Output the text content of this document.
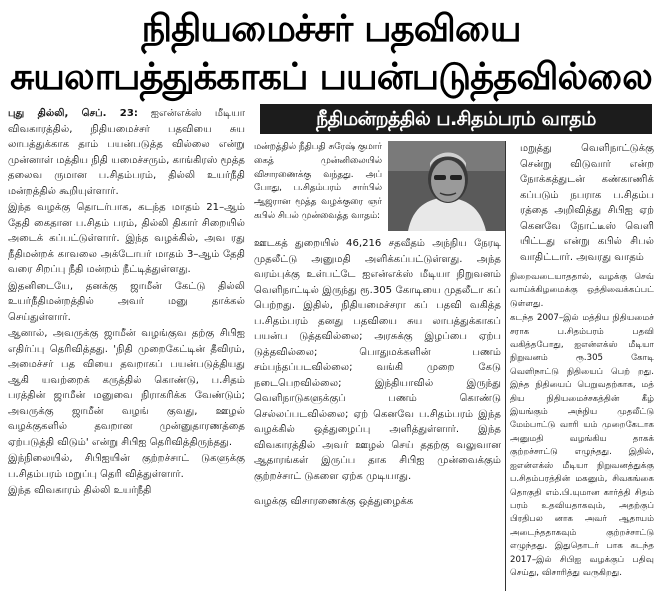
நிதியமைச்சர் பதவியை
சுயலாபத்துக்காகப் பயன்படுத்தவில்லை
நீதிமன்றத்தில் ப.சிதம்பரம் வாதம்

புது தில்லி, செப். 23: ஐஎன்எக்ஸ் மீடியா விவகாரத்தில், நிதியமைச்சர் பதவியை சுய லாபத்துக்காக தாம் பயன்படுத்த வில்லை என்று முன்னாள் மத்திய நிதி யமைச்சரும், காங்கிரஸ் மூத்த தலைவ ருமான ப.சிதம்பரம், தில்லி உயர்நீதி மன்றத்தில் கூறியுள்ளார்.

இந்த வழக்கு தொடர்பாக, கடந்த மாதம் 21–ஆம் தேதி கைதான ப.சிதம் பரம், தில்லி திகார் சிறையில் அடைக் கப்பட்டுள்ளார். இந்த வழக்கில், அவ ரது நீதிமன்றக் காவலை அக்டோபர் மாதம் 3–ஆம் தேதி வரை சிறப்பு நீதி மன்றம் நீட்டித்துள்ளது.

இதனிடையே, தனக்கு ஜாமீன் கேட்டு தில்லி உயர்நீதிமன்றத்தில் அவர் மனு தாக்கல் செய்துள்ளார்.

ஆனால், அவருக்கு ஜாமீன் வழங்குவ தற்கு சிபிஐ எதிர்ப்பு தெரிவித்தது. 'நிதி முறைகேட்டின் தீவிரம், அமைச்சர் பத வியை தவறாகப் பயன்படுத்தியது ஆகி யவற்றைக் கருத்தில் கொண்டு, ப.சிதம் பரத்தின் ஜாமீன் மனுவை நிராகரிக்க வேண்டும்; அவருக்கு ஜாமீன் வழங் குவது, ஊழல் வழக்குகளில் தவறான முன்னுதாரணத்தை ஏற்படுத்தி விடும்' என்று சிபிஐ தெரிவித்திருந்தது.

இந்நிலையில், சிபிஐயின் குற்றச்சாட் டுகளுக்கு ப.சிதம்பரம் மறுப்பு தெரி வித்துள்ளார்.

இந்த விவகாரம் தில்லி உயர்நீதி

மன்றத்தில் நீதிபதி சுரேஷ் குமார் கைத் முன்னிலையில் விசாரணைக்கு வந்தது. அப் போது, ப.சிதம்பரம் சார்பில் ஆஜரான மூத்த வழக்குரை ஞர் கபில் சிபல் முன்வைத்த வாதம்:

ஊடகத் துறையில் 46,216 சதவீதம் அந்நிய நேரடி முதலீட்டு அனுமதி அளிக்கப்பட்டுள்ளது. அந்த வரம்புக்கு உள்பட்டே ஐஎன்எக்ஸ் மீடியா நிறுவனம் வெளிநாட்டில் இருந்து ரூ.305 கோடியை முதலீடா கப் பெற்றது. இதில், நிதியமைச்சரா கப் பதவி வகித்த ப.சிதம்பரம் தனது பதவியை சுய லாபத்துக்காகப் பயன்ப டுத்தவில்லை; அரசுக்கு இழப்பை ஏற்ப டுத்தவில்லை; பொதுமக்களின் பணம் சம்பந்தப்படவில்லை; வங்கி முறை கேடு நடைபெறவில்லை; இந்தியாவில் இருந்து வெளிநாடுகளுக்குப் பணம் கொண்டு செல்லப்படவில்லை; ஏற் கெனவே ப.சிதம்பரம் இந்த வழக்கில் ஒத்துழைப்பு அளித்துள்ளார். இந்த விவகாரத்தில் அவர் ஊழல் செய் ததற்கு வலுவான ஆதாரங்கள் இருப்ப தாக சிபிஐ முன்வைக்கும் குற்றச்சாட் டுகளை ஏற்க முடியாது.

வழக்கு விசாரணைக்கு ஒத்துழைக்க

மறுத்து வெளிநாட்டுக்கு சென்று விடுவார் என்ற நோக்கத்துடன் கண்காணிக் கப்படும் நபராக ப.சிதம்ப ரத்தை அறிவித்து சிபிஐ ஏற் கெனவே நோட்டீஸ் வெளி யிட்டது என்று கபில் சிபல் வாதிட்டார். அவரது வாதம்

நிறைவடையாததால், வழக்கு செவ் வாய்க்கிழமைக்கு ஒத்திவைக்கப்பட் டுள்ளது.

கடந்த 2007–இல் மத்திய நிதியமைச் சராக ப.சிதம்பரம் பதவி வகித்தபோது, ஐஎன்எக்ஸ் மீடியா நிறுவனம் ரூ.305 கோடி வெளிநாட்டு நிதியைப் பெற் றது. இந்த நிதியைப் பெறுவதற்காக, மத் திய நிதியமைச்சகத்தின் கீழ் இயங்கும் அந்நிய முதலீட்டு மேம்பாட்டு வாரி யம் முறைகேடாக அனுமதி வழங்கிய தாகக் குற்றச்சாட்டு எழுந்தது. இதில், ஐஎன்எக்ஸ் மீடியா நிறுவனத்துக்கு ப.சிதம்பரத்தின் மகனும், சிவகங்கை தொகுதி எம்.பி.யுமான கார்த்தி சிதம் பரம் உதவியதாகவும், அதற்குப் பிரதிபல னாக அவர் ஆதாயம் அடைந்ததாகவும் குற்றச்சாட்டு எழுந்தது. இதுதொடர் பாக கடந்த 2017–இல் சிபிஐ வழக்குப் பதிவு செய்து, விசாரித்து வருகிறது.
